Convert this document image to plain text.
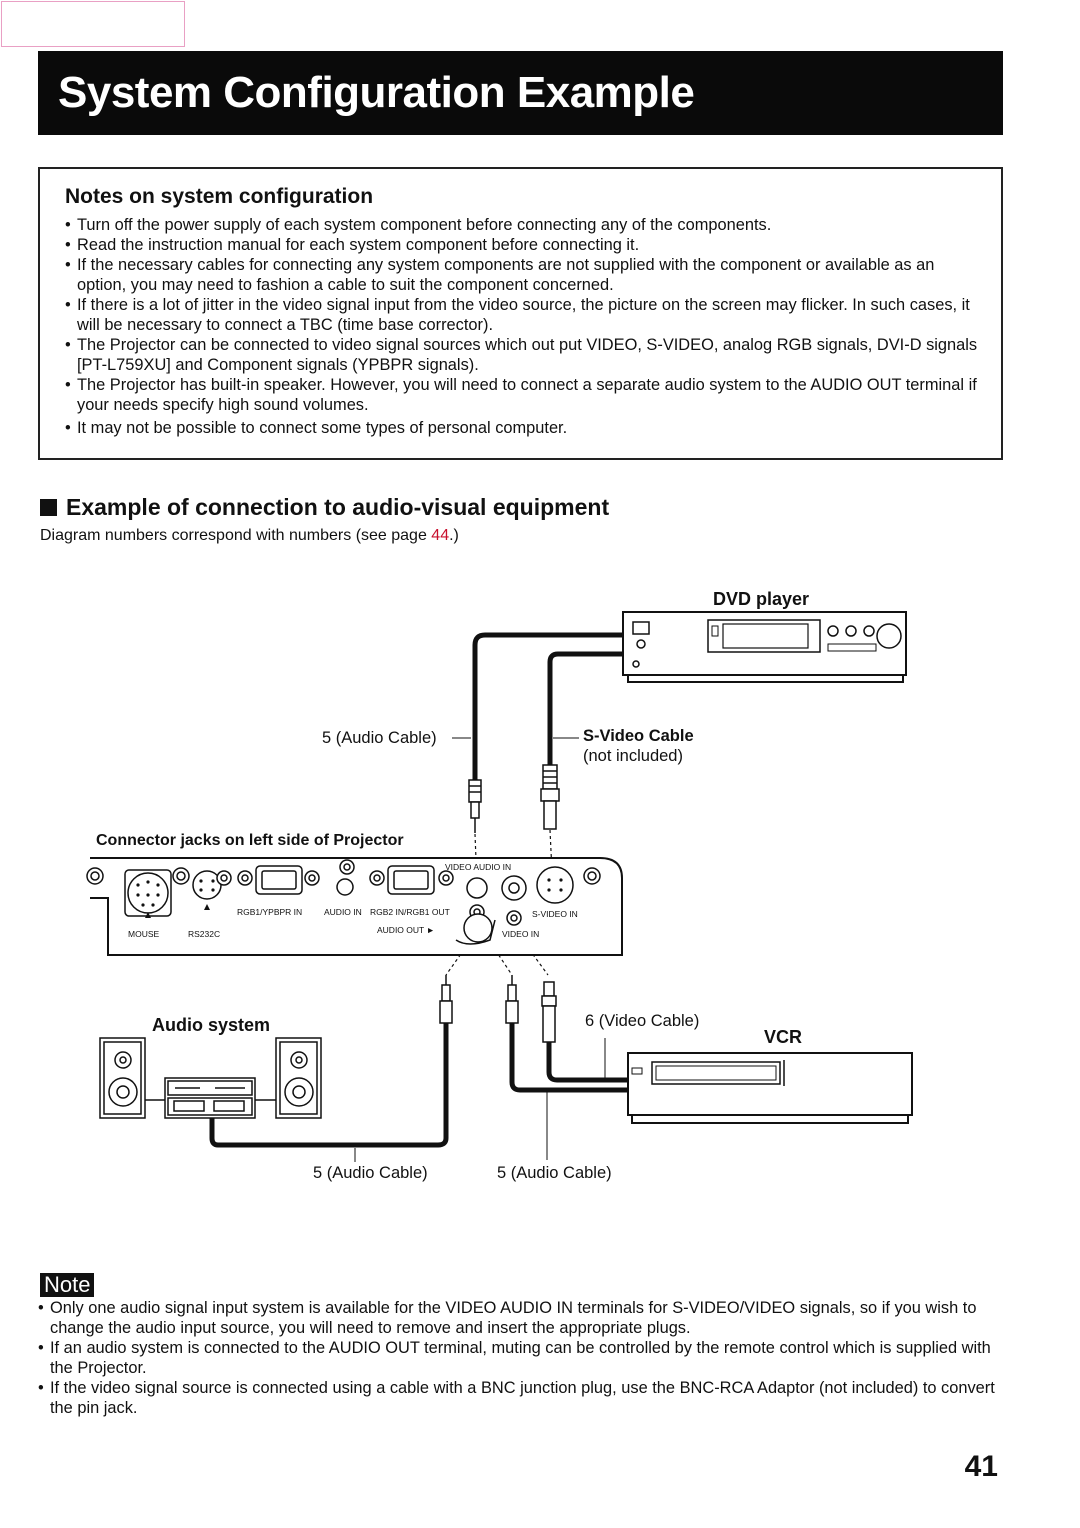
System Configuration Example
Notes on system configuration
• Turn off the power supply of each system component before connecting any of the components.
• Read the instruction manual for each system component before connecting it.
• If the necessary cables for connecting any system components are not supplied with the component or available as an option, you may need to fashion a cable to suit the component concerned.
• If there is a lot of jitter in the video signal input from the video source, the picture on the screen may flicker. In such cases, it will be necessary to connect a TBC (time base corrector).
• The Projector can be connected to video signal sources which out put VIDEO, S-VIDEO, analog RGB signals, DVI-D signals [PT-L759XU] and Component signals (YPBPR signals).
• The Projector has built-in speaker. However, you will need to connect a separate audio system to the AUDIO OUT terminal if your needs specify high sound volumes.
• It may not be possible to connect some types of personal computer.
Example of connection to audio-visual equipment
Diagram numbers correspond with numbers (see page 44.)
VIDEO AUDIO IN
RGB1/YPBPR IN	AUDIO IN RGB2 IN/RGB1 OUT	S-VIDEO IN
MOUSE	RS232C	AUDIO OUT ►	VIDEO IN
DVD player
5 (Audio Cable)	S-Video Cable
(not included)
Connector jacks on left side of Projector
Audio system	6 (Video Cable)
VCR
5 (Audio Cable)	5 (Audio Cable)
Note
• Only one audio signal input system is available for the VIDEO AUDIO IN terminals for S-VIDEO/VIDEO signals, so if you wish to change the audio input source, you will need to remove and insert the appropriate plugs.
• If an audio system is connected to the AUDIO OUT terminal, muting can be controlled by the remote control which is supplied with the Projector.
• If the video signal source is connected using a cable with a BNC junction plug, use the BNC-RCA Adaptor (not included) to convert the pin jack.
41
